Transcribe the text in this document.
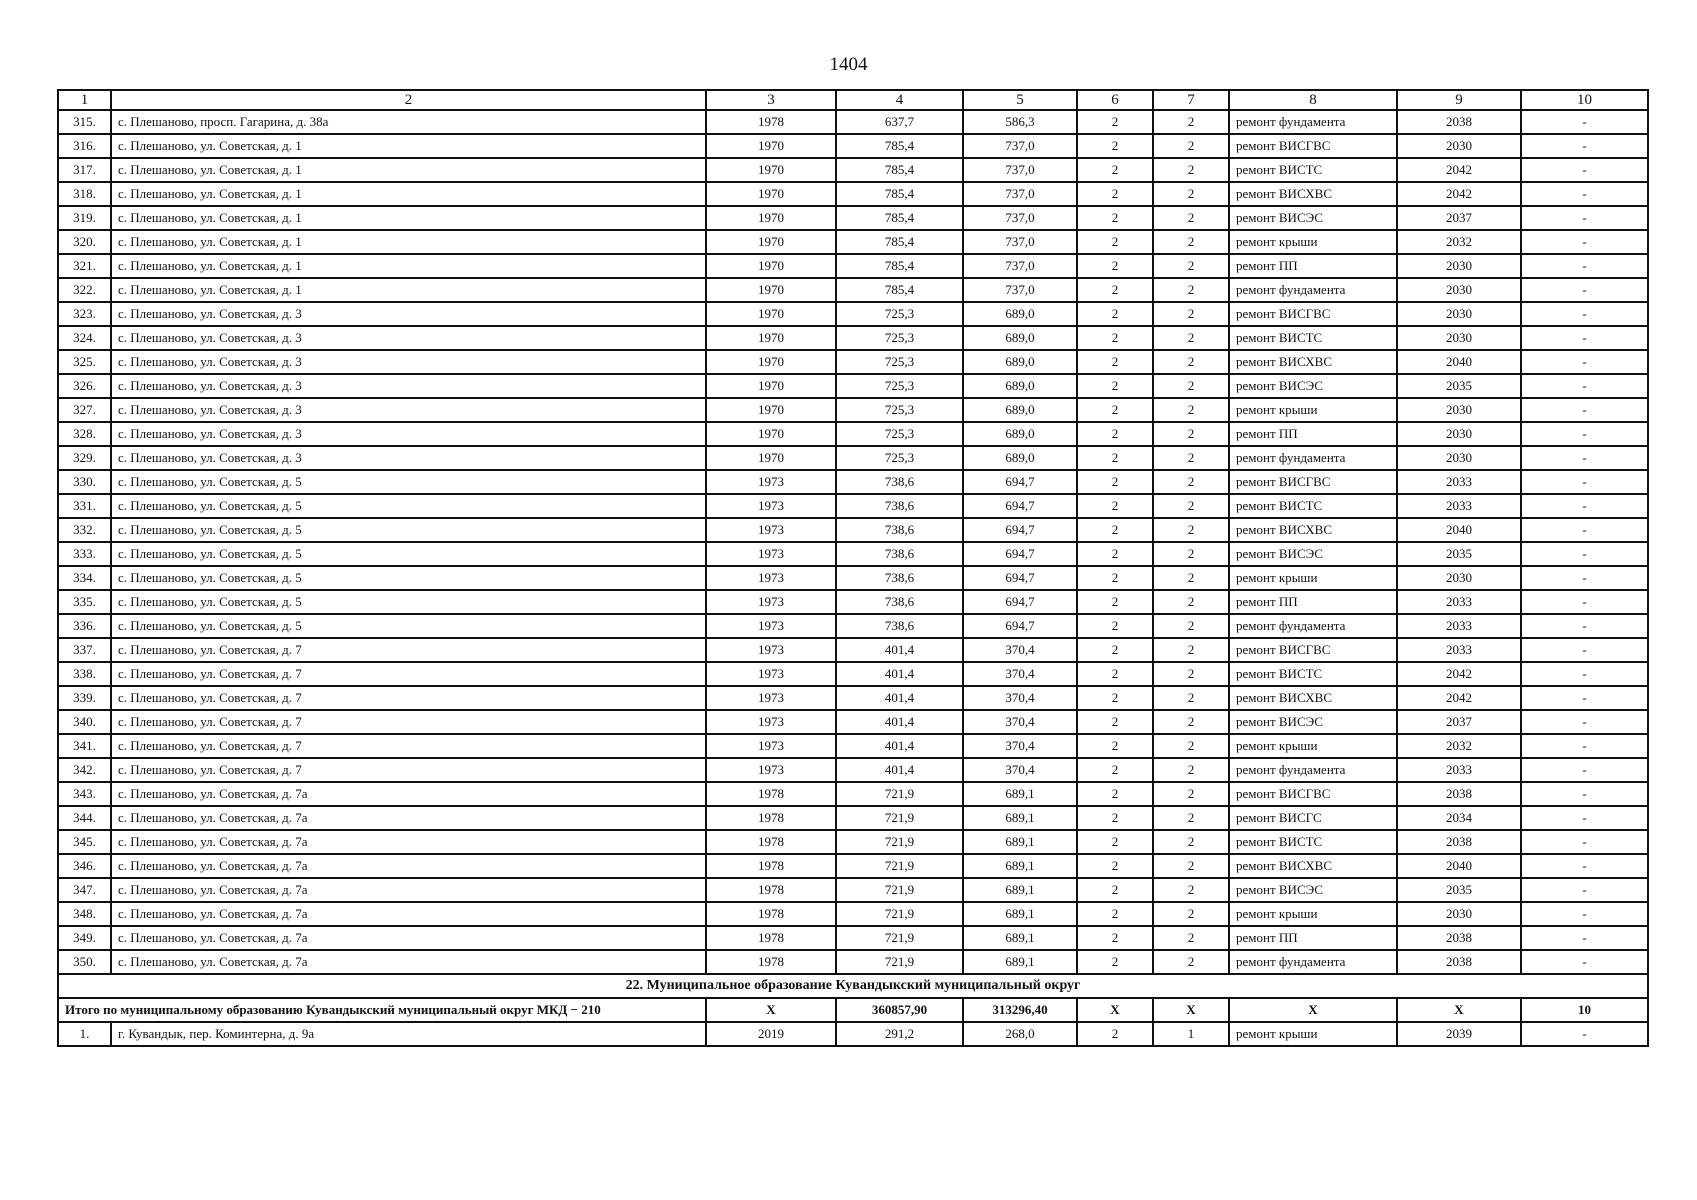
1404
1	2	3	4	5	6	7	8	9	10
315.	с. Плешаново, просп. Гагарина, д. 38а	1978	637,7	586,3	2	2	ремонт фундамента	2038	-
316.	с. Плешаново, ул. Советская, д. 1	1970	785,4	737,0	2	2	ремонт ВИСГВС	2030	-
317.	с. Плешаново, ул. Советская, д. 1	1970	785,4	737,0	2	2	ремонт ВИСТС	2042	-
318.	с. Плешаново, ул. Советская, д. 1	1970	785,4	737,0	2	2	ремонт ВИСХВС	2042	-
319.	с. Плешаново, ул. Советская, д. 1	1970	785,4	737,0	2	2	ремонт ВИСЭС	2037	-
320.	с. Плешаново, ул. Советская, д. 1	1970	785,4	737,0	2	2	ремонт крыши	2032	-
321.	с. Плешаново, ул. Советская, д. 1	1970	785,4	737,0	2	2	ремонт ПП	2030	-
322.	с. Плешаново, ул. Советская, д. 1	1970	785,4	737,0	2	2	ремонт фундамента	2030	-
323.	с. Плешаново, ул. Советская, д. 3	1970	725,3	689,0	2	2	ремонт ВИСГВС	2030	-
324.	с. Плешаново, ул. Советская, д. 3	1970	725,3	689,0	2	2	ремонт ВИСТС	2030	-
325.	с. Плешаново, ул. Советская, д. 3	1970	725,3	689,0	2	2	ремонт ВИСХВС	2040	-
326.	с. Плешаново, ул. Советская, д. 3	1970	725,3	689,0	2	2	ремонт ВИСЭС	2035	-
327.	с. Плешаново, ул. Советская, д. 3	1970	725,3	689,0	2	2	ремонт крыши	2030	-
328.	с. Плешаново, ул. Советская, д. 3	1970	725,3	689,0	2	2	ремонт ПП	2030	-
329.	с. Плешаново, ул. Советская, д. 3	1970	725,3	689,0	2	2	ремонт фундамента	2030	-
330.	с. Плешаново, ул. Советская, д. 5	1973	738,6	694,7	2	2	ремонт ВИСГВС	2033	-
331.	с. Плешаново, ул. Советская, д. 5	1973	738,6	694,7	2	2	ремонт ВИСТС	2033	-
332.	с. Плешаново, ул. Советская, д. 5	1973	738,6	694,7	2	2	ремонт ВИСХВС	2040	-
333.	с. Плешаново, ул. Советская, д. 5	1973	738,6	694,7	2	2	ремонт ВИСЭС	2035	-
334.	с. Плешаново, ул. Советская, д. 5	1973	738,6	694,7	2	2	ремонт крыши	2030	-
335.	с. Плешаново, ул. Советская, д. 5	1973	738,6	694,7	2	2	ремонт ПП	2033	-
336.	с. Плешаново, ул. Советская, д. 5	1973	738,6	694,7	2	2	ремонт фундамента	2033	-
337.	с. Плешаново, ул. Советская, д. 7	1973	401,4	370,4	2	2	ремонт ВИСГВС	2033	-
338.	с. Плешаново, ул. Советская, д. 7	1973	401,4	370,4	2	2	ремонт ВИСТС	2042	-
339.	с. Плешаново, ул. Советская, д. 7	1973	401,4	370,4	2	2	ремонт ВИСХВС	2042	-
340.	с. Плешаново, ул. Советская, д. 7	1973	401,4	370,4	2	2	ремонт ВИСЭС	2037	-
341.	с. Плешаново, ул. Советская, д. 7	1973	401,4	370,4	2	2	ремонт крыши	2032	-
342.	с. Плешаново, ул. Советская, д. 7	1973	401,4	370,4	2	2	ремонт фундамента	2033	-
343.	с. Плешаново, ул. Советская, д. 7а	1978	721,9	689,1	2	2	ремонт ВИСГВС	2038	-
344.	с. Плешаново, ул. Советская, д. 7а	1978	721,9	689,1	2	2	ремонт ВИСГС	2034	-
345.	с. Плешаново, ул. Советская, д. 7а	1978	721,9	689,1	2	2	ремонт ВИСТС	2038	-
346.	с. Плешаново, ул. Советская, д. 7а	1978	721,9	689,1	2	2	ремонт ВИСХВС	2040	-
347.	с. Плешаново, ул. Советская, д. 7а	1978	721,9	689,1	2	2	ремонт ВИСЭС	2035	-
348.	с. Плешаново, ул. Советская, д. 7а	1978	721,9	689,1	2	2	ремонт крыши	2030	-
349.	с. Плешаново, ул. Советская, д. 7а	1978	721,9	689,1	2	2	ремонт ПП	2038	-
350.	с. Плешаново, ул. Советская, д. 7а	1978	721,9	689,1	2	2	ремонт фундамента	2038	-
22. Муниципальное образование Кувандыкский муниципальный округ									
Итого по муниципальному образованию Кувандыкский муниципальный округ МКД − 210		X	360857,90	313296,40	X	X	X	X	10
1.	г. Кувандык, пер. Коминтерна, д. 9а	2019	291,2	268,0	2	1	ремонт крыши	2039	-
